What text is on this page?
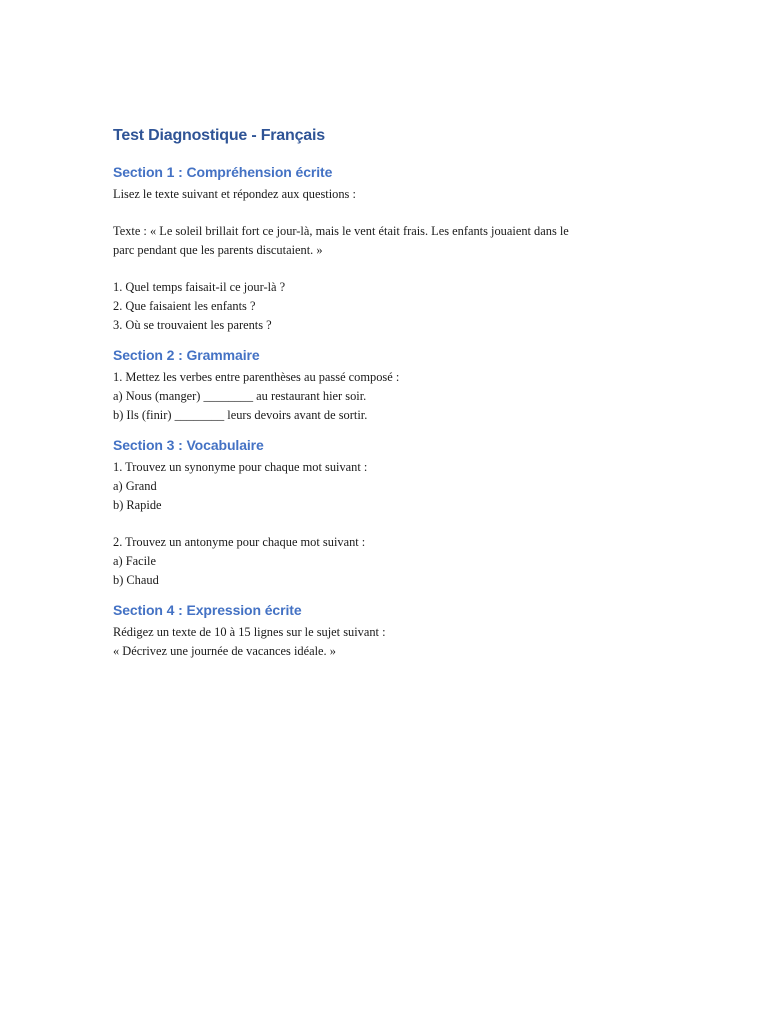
Test Diagnostique - Français
Section 1 : Compréhension écrite

Lisez le texte suivant et répondez aux questions :

Texte : « Le soleil brillait fort ce jour-là, mais le vent était frais. Les enfants jouaient dans le

parc pendant que les parents discutaient. »

1. Quel temps faisait-il ce jour-là ?

2. Que faisaient les enfants ?

3. Où se trouvaient les parents ?

Section 2 : Grammaire

1. Mettez les verbes entre parenthèses au passé composé :

a) Nous (manger) ________ au restaurant hier soir.

b) Ils (finir) ________ leurs devoirs avant de sortir.

Section 3 : Vocabulaire

1. Trouvez un synonyme pour chaque mot suivant :

a) Grand

b) Rapide

2. Trouvez un antonyme pour chaque mot suivant :

a) Facile

b) Chaud

Section 4 : Expression écrite

Rédigez un texte de 10 à 15 lignes sur le sujet suivant :

« Décrivez une journée de vacances idéale. »
